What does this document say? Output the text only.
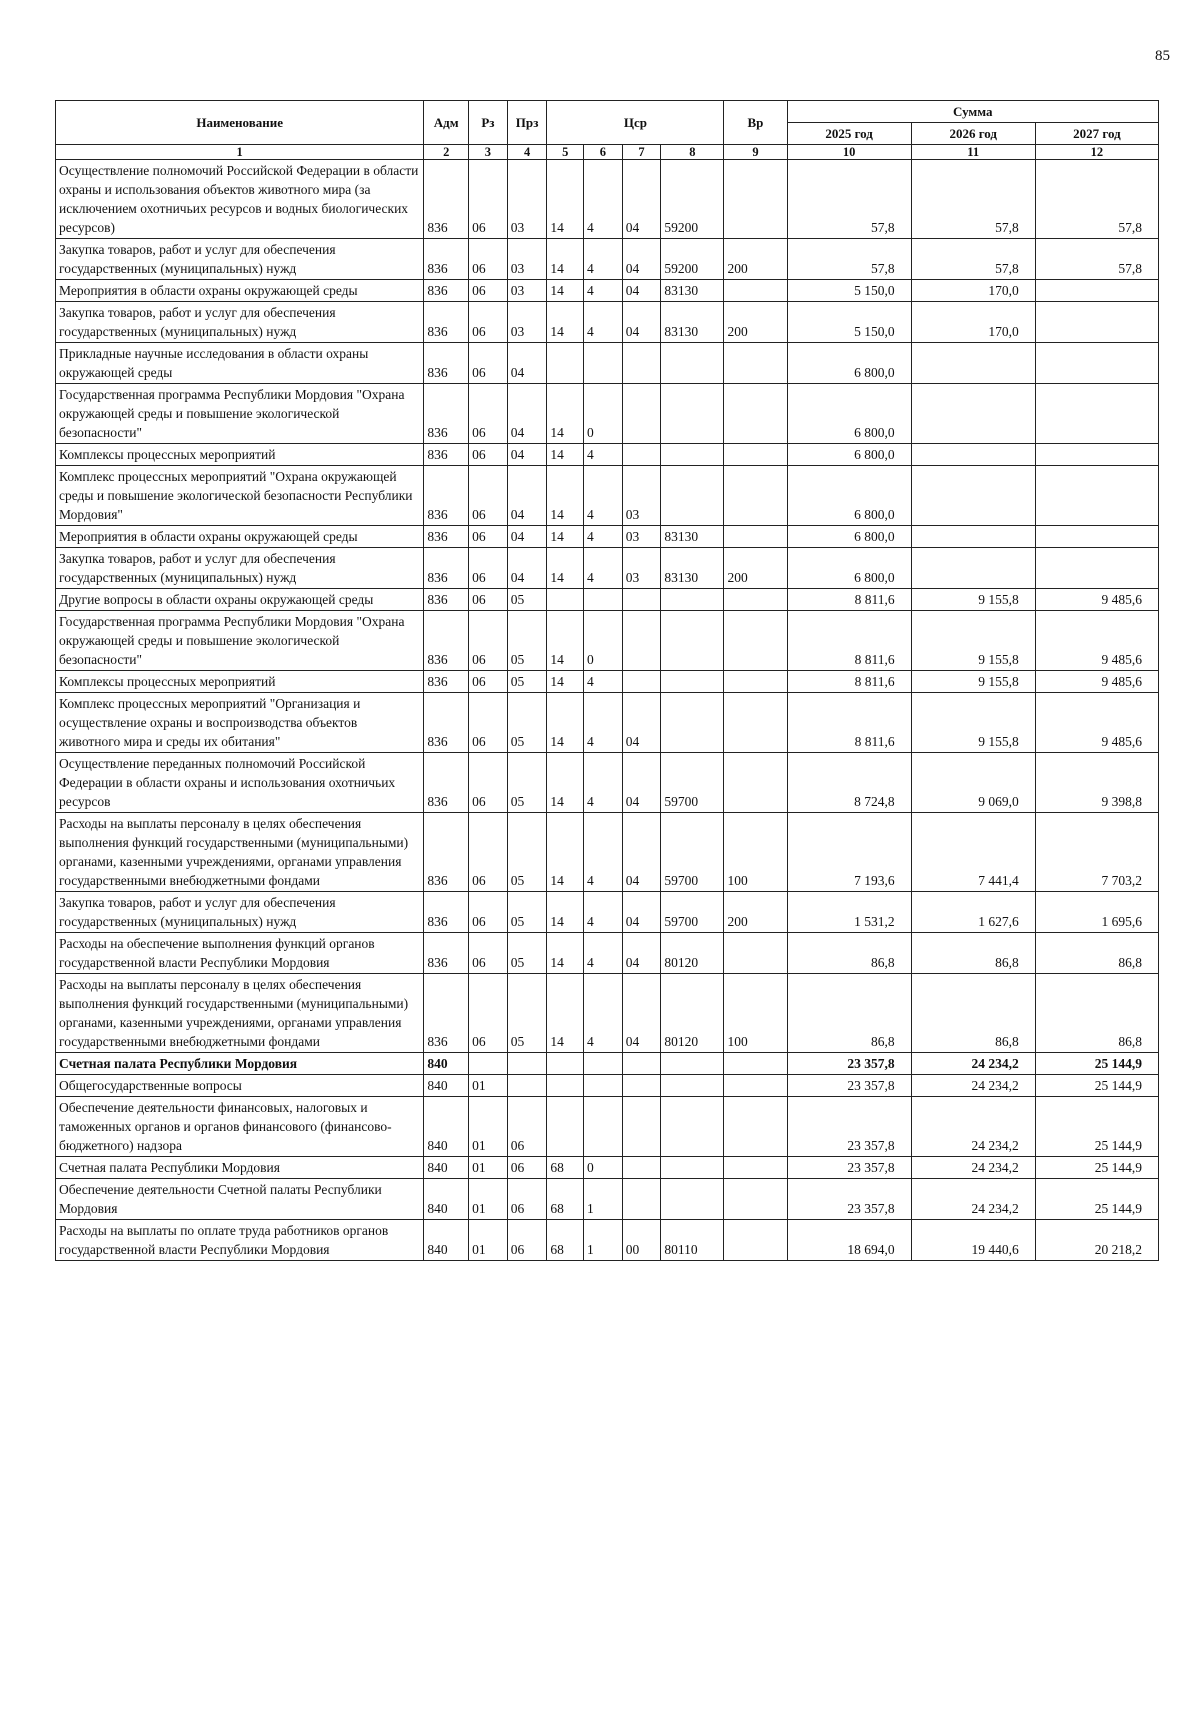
85
Наименование	Адм	Рз	Прз	Цср				Вр	Сумма		
									2025 год	2026 год	2027 год
1	2	3	4	5	6	7	8	9	10	11	12
Осуществление полномочий Российской Федерации в области охраны и использования объектов животного мира (за исключением охотничьих ресурсов и водных биологических ресурсов)	836	06	03	14	4	04	59200		57,8	57,8	57,8
Закупка товаров, работ и услуг для обеспечения государственных (муниципальных) нужд	836	06	03	14	4	04	59200	200	57,8	57,8	57,8
Мероприятия в области охраны окружающей среды	836	06	03	14	4	04	83130		5 150,0	170,0	
Закупка товаров, работ и услуг для обеспечения государственных (муниципальных) нужд	836	06	03	14	4	04	83130	200	5 150,0	170,0	
Прикладные научные исследования в области охраны окружающей среды	836	06	04						6 800,0		
Государственная программа Республики Мордовия "Охрана окружающей среды и повышение экологической безопасности"	836	06	04	14	0				6 800,0		
Комплексы процессных мероприятий	836	06	04	14	4				6 800,0		
Комплекс процессных мероприятий "Охрана окружающей среды и повышение экологической безопасности Республики Мордовия"	836	06	04	14	4	03			6 800,0		
Мероприятия в области охраны окружающей среды	836	06	04	14	4	03	83130		6 800,0		
Закупка товаров, работ и услуг для обеспечения государственных (муниципальных) нужд	836	06	04	14	4	03	83130	200	6 800,0		
Другие вопросы в области охраны окружающей среды	836	06	05						8 811,6	9 155,8	9 485,6
Государственная программа Республики Мордовия "Охрана окружающей среды и повышение экологической безопасности"	836	06	05	14	0				8 811,6	9 155,8	9 485,6
Комплексы процессных мероприятий	836	06	05	14	4				8 811,6	9 155,8	9 485,6
Комплекс процессных мероприятий "Организация и осуществление охраны и воспроизводства объектов животного мира и среды их обитания"	836	06	05	14	4	04			8 811,6	9 155,8	9 485,6
Осуществление переданных полномочий Российской Федерации в области охраны и использования охотничьих ресурсов	836	06	05	14	4	04	59700		8 724,8	9 069,0	9 398,8
Расходы на выплаты персоналу в целях обеспечения выполнения функций государственными (муниципальными) органами, казенными учреждениями, органами управления государственными внебюджетными фондами	836	06	05	14	4	04	59700	100	7 193,6	7 441,4	7 703,2
Закупка товаров, работ и услуг для обеспечения государственных (муниципальных) нужд	836	06	05	14	4	04	59700	200	1 531,2	1 627,6	1 695,6
Расходы на обеспечение выполнения функций органов государственной власти Республики Мордовия	836	06	05	14	4	04	80120		86,8	86,8	86,8
Расходы на выплаты персоналу в целях обеспечения выполнения функций государственными (муниципальными) органами, казенными учреждениями, органами управления государственными внебюджетными фондами	836	06	05	14	4	04	80120	100	86,8	86,8	86,8
Счетная палата Республики Мордовия	840								23 357,8	24 234,2	25 144,9
Общегосударственные вопросы	840	01							23 357,8	24 234,2	25 144,9
Обеспечение деятельности финансовых, налоговых и таможенных органов и органов финансового (финансово-бюджетного) надзора	840	01	06						23 357,8	24 234,2	25 144,9
Счетная палата Республики Мордовия	840	01	06	68	0				23 357,8	24 234,2	25 144,9
Обеспечение деятельности Счетной палаты Республики Мордовия	840	01	06	68	1				23 357,8	24 234,2	25 144,9
Расходы на выплаты по оплате труда работников органов государственной власти Республики Мордовия	840	01	06	68	1	00	80110		18 694,0	19 440,6	20 218,2
